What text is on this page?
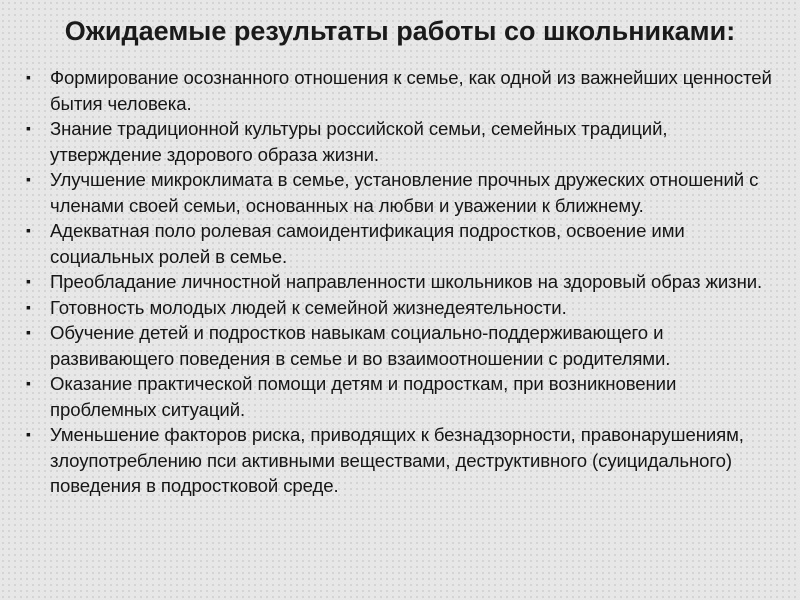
Ожидаемые результаты работы со школьниками:
▪ Формирование осознанного отношения к семье, как одной из важнейших ценностей бытия человека.
▪ Знание традиционной культуры российской семьи, семейных традиций, утверждение здорового образа жизни.
▪ Улучшение микроклимата в семье, установление прочных дружеских отношений с членами своей семьи, основанных на любви и уважении к ближнему.
▪ Адекватная поло ролевая самоидентификация подростков, освоение ими социальных ролей в семье.
▪ Преобладание личностной направленности школьников на здоровый образ жизни.
▪ Готовность молодых людей к семейной жизнедеятельности.
▪ Обучение детей и подростков навыкам социально-поддерживающего и развивающего поведения в семье и во взаимоотношении с родителями.
▪ Оказание практической помощи детям и подросткам, при возникновении проблемных ситуаций.
▪ Уменьшение факторов риска, приводящих к безнадзорности, правонарушениям, злоупотреблению пси активными веществами, деструктивного (суицидального) поведения в подростковой среде.
